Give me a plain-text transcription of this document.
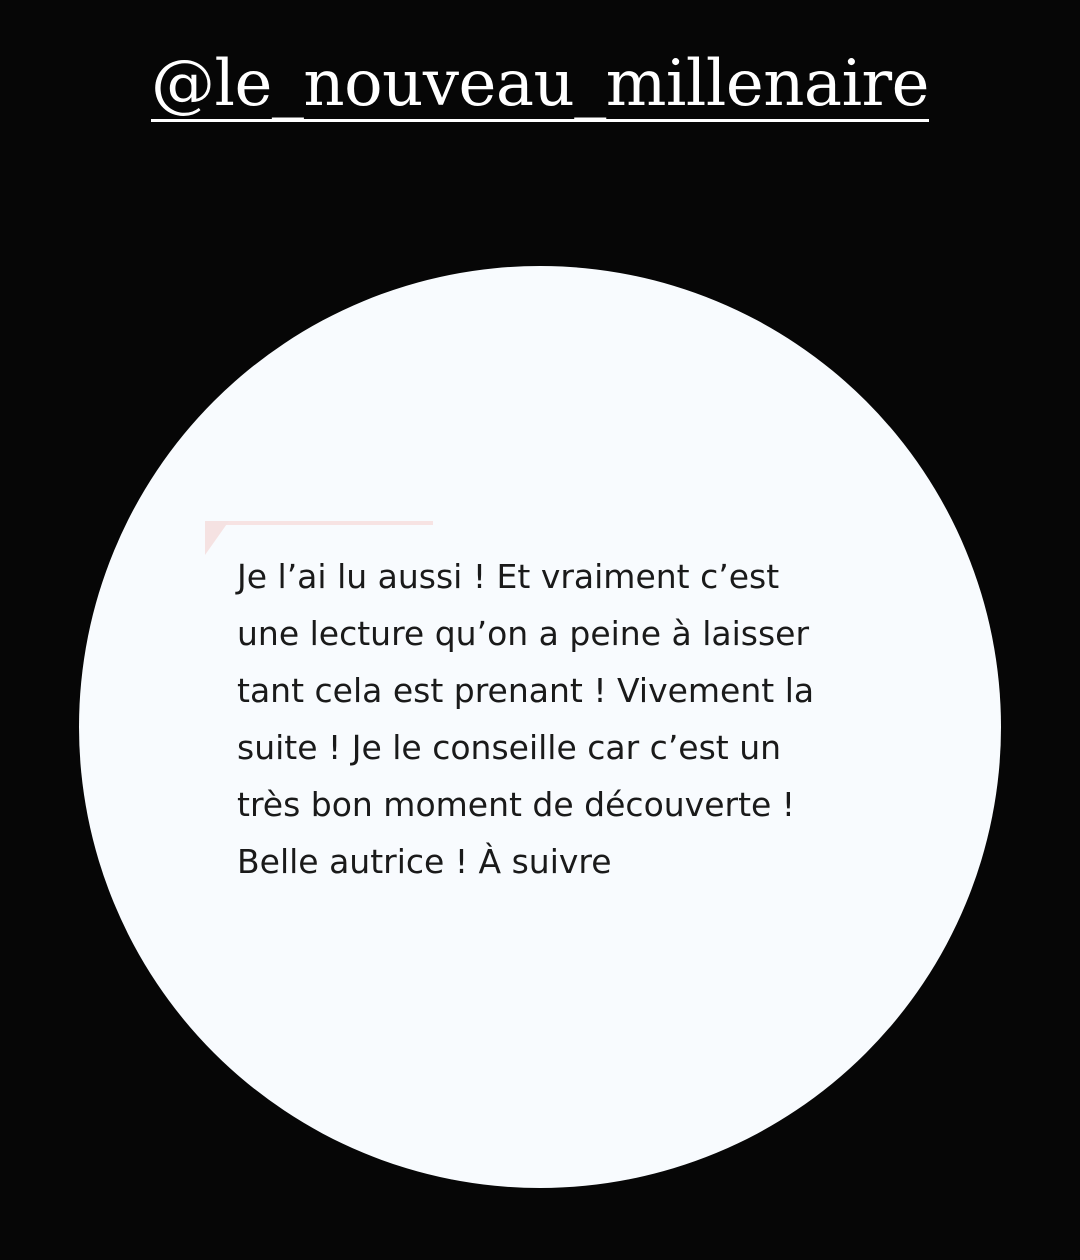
@le_nouveau_millenaire

Je l’ai lu aussi ! Et vraiment c’est
une lecture qu’on a peine à laisser
tant cela est prenant ! Vivement la
suite ! Je le conseille car c’est un
très bon moment de découverte !
Belle autrice ! À suivre
